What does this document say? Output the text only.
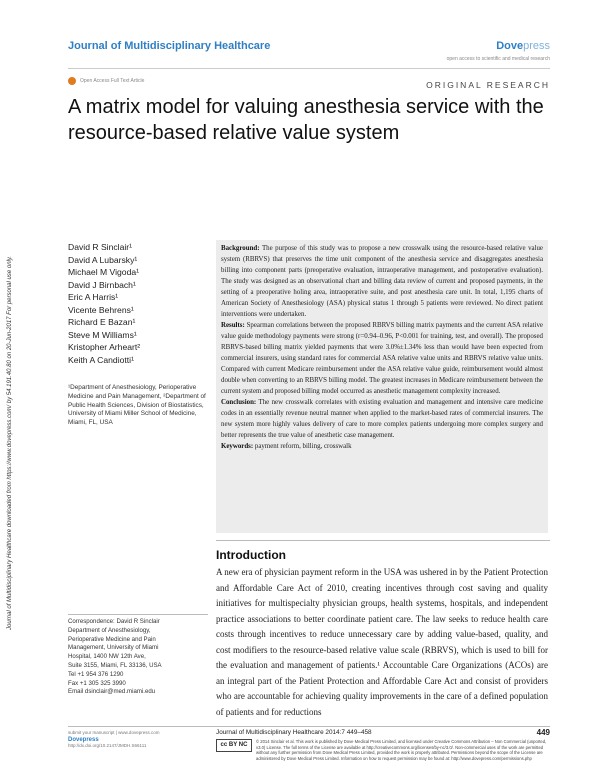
Journal of Multidisciplinary Healthcare	Dovepress
open access to scientific and medical research
Open Access Full Text Article	ORIGINAL RESEARCH
A matrix model for valuing anesthesia service with the resource-based relative value system
Journal of Multidisciplinary Healthcare downloaded from https://www.dovepress.com/ by 54.191.40.80 on 20-Jun-2017 For personal use only.
David R Sinclair¹
David A Lubarsky¹
Michael M Vigoda¹
David J Birnbach¹
Eric A Harris¹
Vicente Behrens¹
Richard E Bazan¹
Steve M Williams¹
Kristopher Arheart²
Keith A Candiotti¹
¹Department of Anesthesiology, Perioperative Medicine and Pain Management, ²Department of Public Health Sciences, Division of Biostatistics, University of Miami Miller School of Medicine, Miami, FL, USA
Background: The purpose of this study was to propose a new crosswalk using the resource-based relative value system (RBRVS) that preserves the time unit component of the anesthesia service and disaggregates anesthesia billing into component parts (preoperative evaluation, intraoperative management, and postoperative evaluation). The study was designed as an observational chart and billing data review of current and proposed payments, in the setting of a preoperative holing area, intraoperative suite, and post anesthesia care unit. In total, 1,195 charts of American Society of Anesthesiology (ASA) physical status 1 through 5 patients were reviewed. No direct patient interventions were undertaken.
Results: Spearman correlations between the proposed RBRVS billing matrix payments and the current ASA relative value guide methodology payments were strong (r=0.94–0.96, P<0.001 for training, test, and overall). The proposed RBRVS-based billing matrix yielded payments that were 3.0%±1.34% less than would have been expected from commercial insurers, using standard rates for commercial ASA relative value units and RBRVS relative value units. Compared with current Medicare reimbursement under the ASA relative value guide, reimbursement would almost double when converting to an RBRVS billing model. The greatest increases in Medicare reimbursement between the current system and proposed billing model occurred as anesthetic management complexity increased.
Conclusion: The new crosswalk correlates with existing evaluation and management and intensive care medicine codes in an essentially revenue neutral manner when applied to the market-based rates of commercial insurers. The new system more highly values delivery of care to more complex patients undergoing more complex surgery and better represents the true value of anesthetic case management.
Keywords: payment reform, billing, crosswalk
Introduction
A new era of physician payment reform in the USA was ushered in by the Patient Protection and Affordable Care Act of 2010, creating incentives through cost saving and quality initiatives for multispecialty physician groups, health systems, hospitals, and independent practice associations to better coordinate patient care. The law seeks to reduce health care costs through incentives to reduce unnecessary care by adding value-based, quality, and cost modifiers to the resource-based relative value scale (RBRVS), which is used to bill for the evaluation and management of patients.¹ Accountable Care Organizations (ACOs) are an integral part of the Patient Protection and Affordable Care Act and consist of providers who are accountable for achieving quality improvements in the care of a defined population of patients and for reductions
Correspondence: David R Sinclair
Department of Anesthesiology,
Perioperative Medicine and Pain
Management, University of Miami
Hospital, 1400 NW 12th Ave,
Suite 3155, Miami, FL 33136, USA
Tel +1 954 376 1290
Fax +1 305 325 3990
Email dsinclair@med.miami.edu
submit your manuscript | www.dovepress.com
Dovepress
http://dx.doi.org/10.2147/JMDH.S66111
Journal of Multidisciplinary Healthcare 2014:7 449–458	449
cc BY NC
© 2014 Sinclair et al. This work is published by Dove Medical Press Limited, and licensed under Creative Commons Attribution – Non Commercial (unported, v3.0) License. The full terms of the License are available at http://creativecommons.org/licenses/by-nc/3.0/. Non-commercial uses of the work are permitted without any further permission from Dove Medical Press Limited, provided the work is properly attributed. Permissions beyond the scope of the License are administered by Dove Medical Press Limited. Information on how to request permission may be found at: http://www.dovepress.com/permissions.php
